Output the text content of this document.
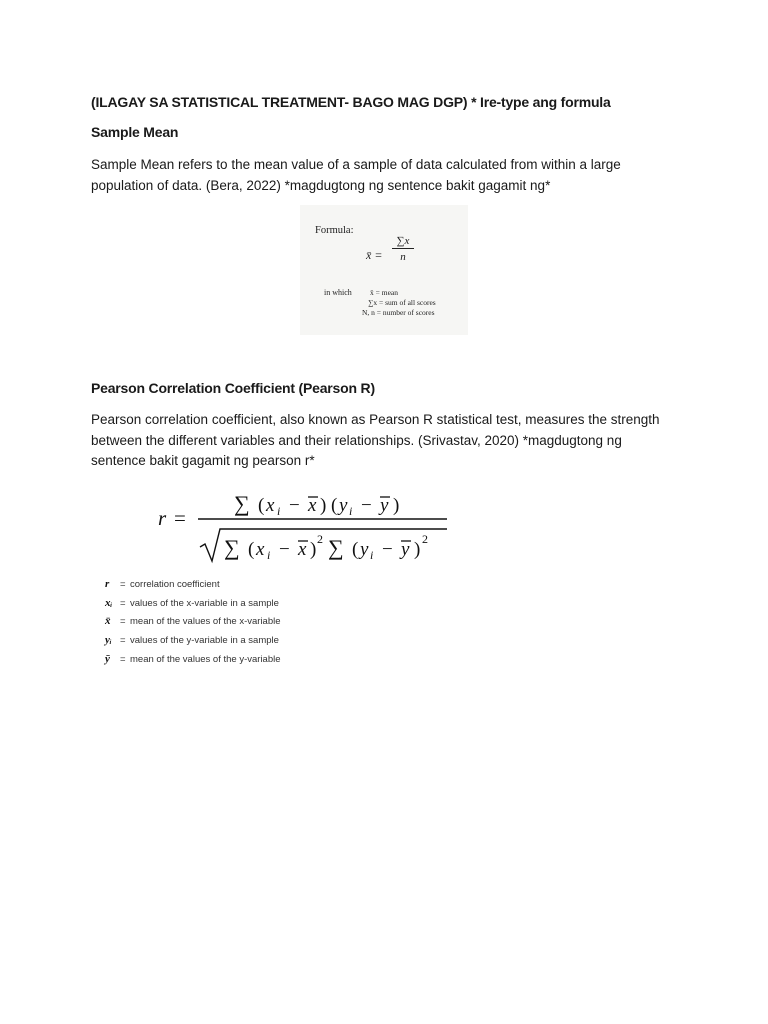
(ILAGAY SA STATISTICAL TREATMENT- BAGO MAG DGP) * Ire-type ang formula
Sample Mean
Sample Mean refers to the mean value of a sample of data calculated from within a large
population of data. (Bera, 2022) *magdugtong ng sentence bakit gagamit ng*
Formula:
x̄ =
∑x
n
in which x̄ = mean
∑x = sum of all scores
N, n = number of scores
Pearson Correlation Coefficient (Pearson R)
Pearson correlation coefficient, also known as Pearson R statistical test, measures the strength
between the different variables and their relationships. (Srivastav, 2020) *magdugtong ng
sentence bakit gagamit ng pearson r*
r =
∑ ( x i − x ) ( y i − y )
∑ ( x i − x ) 2 ∑ ( y i − y ) 2
r	= correlation coefficient
xᵢ = values of the x-variable in a sample
x̄	= mean of the values of the x-variable
yᵢ = values of the y-variable in a sample
ȳ	= mean of the values of the y-variable
